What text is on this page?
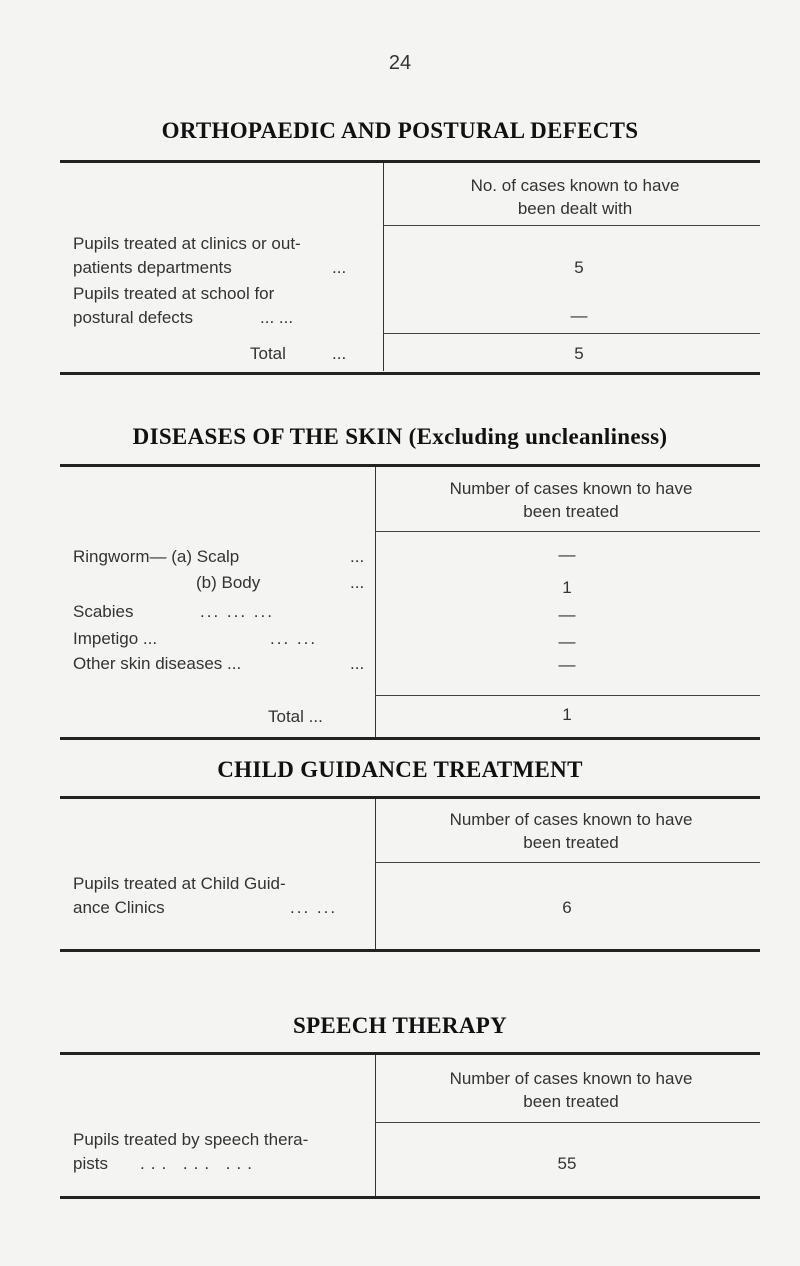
24
ORTHOPAEDIC AND POSTURAL DEFECTS
No. of cases known to have
been dealt with
Pupils treated at clinics or out-
patients departments	...	5
Pupils treated at school for
postural defects	... ...	—
Total	...	5
DISEASES OF THE SKIN (Excluding uncleanliness)
Number of cases known to have
been treated
Ringworm— (a) Scalp	...	—
(b) Body	...	1
Scabies	... ... ...	—
Impetigo ...	... ...	—
Other skin diseases ...	...	—
Total ...	1
CHILD GUIDANCE TREATMENT
Number of cases known to have
been treated
Pupils treated at Child Guid-
ance Clinics	... ...	6
SPEECH THERAPY
Number of cases known to have
been treated
Pupils treated by speech thera-
pists ... ... ...	55
